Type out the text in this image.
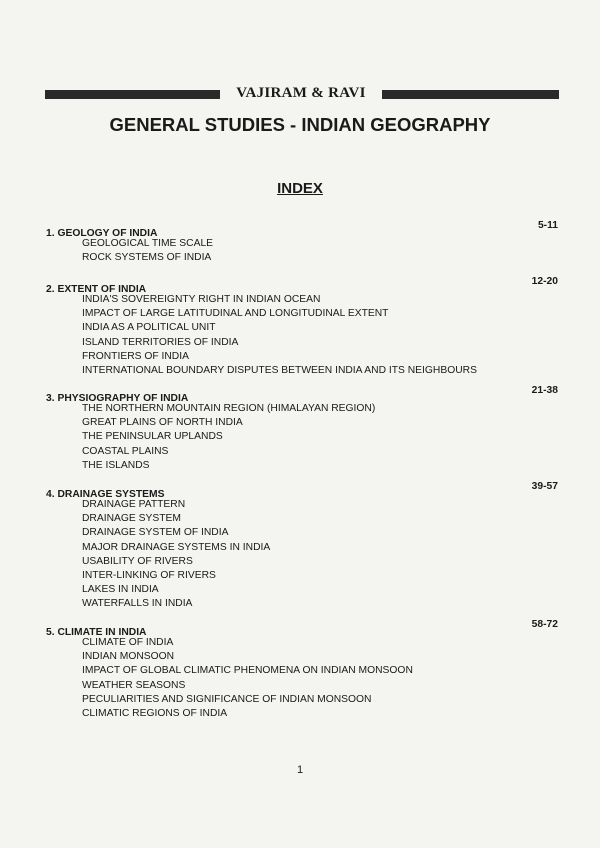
VAJIRAM & RAVI
GENERAL STUDIES - INDIAN GEOGRAPHY
INDEX
1. GEOLOGY OF INDIA
5-11
GEOLOGICAL TIME SCALE
ROCK SYSTEMS OF INDIA
2. EXTENT OF INDIA
12-20
INDIA'S SOVEREIGNTY RIGHT IN INDIAN OCEAN
IMPACT OF LARGE LATITUDINAL AND LONGITUDINAL EXTENT
INDIA AS A POLITICAL UNIT
ISLAND TERRITORIES OF INDIA
FRONTIERS OF INDIA
INTERNATIONAL BOUNDARY DISPUTES BETWEEN INDIA AND ITS NEIGHBOURS
3. PHYSIOGRAPHY OF INDIA
21-38
THE NORTHERN MOUNTAIN REGION (HIMALAYAN REGION)
GREAT PLAINS OF NORTH INDIA
THE PENINSULAR UPLANDS
COASTAL PLAINS
THE ISLANDS
4. DRAINAGE SYSTEMS
39-57
DRAINAGE PATTERN
DRAINAGE SYSTEM
DRAINAGE SYSTEM OF INDIA
MAJOR DRAINAGE SYSTEMS IN INDIA
USABILITY OF RIVERS
INTER-LINKING OF RIVERS
LAKES IN INDIA
WATERFALLS IN INDIA
5. CLIMATE IN INDIA
58-72
CLIMATE OF INDIA
INDIAN MONSOON
IMPACT OF GLOBAL CLIMATIC PHENOMENA ON INDIAN MONSOON
WEATHER SEASONS
PECULIARITIES AND SIGNIFICANCE OF INDIAN MONSOON
CLIMATIC REGIONS OF INDIA
1
